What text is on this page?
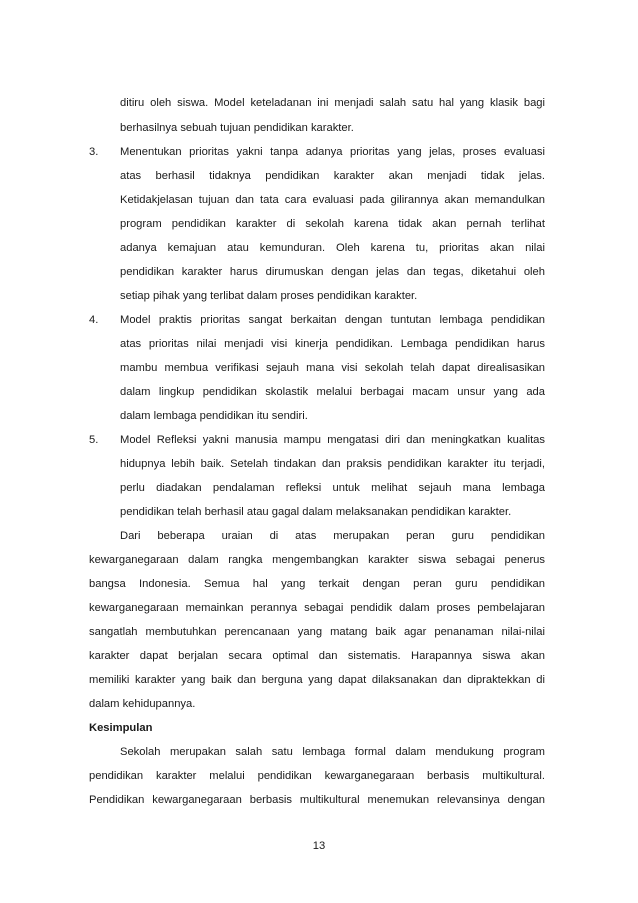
ditiru oleh siswa. Model keteladanan ini menjadi salah satu hal yang klasik bagi
berhasilnya sebuah tujuan pendidikan karakter.
3. Menentukan prioritas yakni tanpa adanya prioritas yang jelas, proses evaluasi
atas berhasil tidaknya pendidikan karakter akan menjadi tidak jelas.
Ketidakjelasan tujuan dan tata cara evaluasi pada gilirannya akan memandulkan
program pendidikan karakter di sekolah karena tidak akan pernah terlihat
adanya kemajuan atau kemunduran. Oleh karena tu, prioritas akan nilai
pendidikan karakter harus dirumuskan dengan jelas dan tegas, diketahui oleh
setiap pihak yang terlibat dalam proses pendidikan karakter.
4. Model praktis prioritas sangat berkaitan dengan tuntutan lembaga pendidikan
atas prioritas nilai menjadi visi kinerja pendidikan. Lembaga pendidikan harus
mambu membua verifikasi sejauh mana visi sekolah telah dapat direalisasikan
dalam lingkup pendidikan skolastik melalui berbagai macam unsur yang ada
dalam lembaga pendidikan itu sendiri.
5. Model Refleksi yakni manusia mampu mengatasi diri dan meningkatkan kualitas
hidupnya lebih baik. Setelah tindakan dan praksis pendidikan karakter itu terjadi,
perlu diadakan pendalaman refleksi untuk melihat sejauh mana lembaga
pendidikan telah berhasil atau gagal dalam melaksanakan pendidikan karakter.
Dari beberapa uraian di atas merupakan peran guru pendidikan
kewarganegaraan dalam rangka mengembangkan karakter siswa sebagai penerus
bangsa Indonesia. Semua hal yang terkait dengan peran guru pendidikan
kewarganegaraan memainkan perannya sebagai pendidik dalam proses pembelajaran
sangatlah membutuhkan perencanaan yang matang baik agar penanaman nilai-nilai
karakter dapat berjalan secara optimal dan sistematis. Harapannya siswa akan
memiliki karakter yang baik dan berguna yang dapat dilaksanakan dan dipraktekkan di
dalam kehidupannya.
Kesimpulan
Sekolah merupakan salah satu lembaga formal dalam mendukung program
pendidikan karakter melalui pendidikan kewarganegaraan berbasis multikultural.
Pendidikan kewarganegaraan berbasis multikultural menemukan relevansinya dengan
13
